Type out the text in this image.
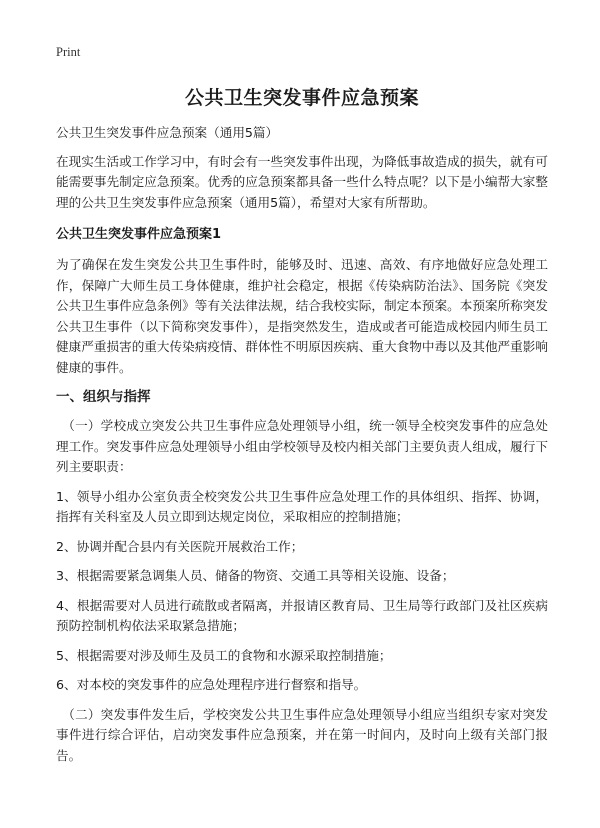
Print
公共卫生突发事件应急预案

公共卫生突发事件应急预案（通用5篇）

在现实生活或工作学习中，有时会有一些突发事件出现，为降低事故造成的损失，就有可能需要事先制定应急预案。优秀的应急预案都具备一些什么特点呢？以下是小编帮大家整理的公共卫生突发事件应急预案（通用5篇），希望对大家有所帮助。

公共卫生突发事件应急预案1

为了确保在发生突发公共卫生事件时，能够及时、迅速、高效、有序地做好应急处理工作，保障广大师生员工身体健康，维护社会稳定，根据《传染病防治法》、国务院《突发公共卫生事件应急条例》等有关法律法规，结合我校实际，制定本预案。本预案所称突发公共卫生事件（以下简称突发事件），是指突然发生，造成或者可能造成校园内师生员工健康严重损害的重大传染病疫情、群体性不明原因疾病、重大食物中毒以及其他严重影响健康的事件。

一、组织与指挥

（一）学校成立突发公共卫生事件应急处理领导小组，统一领导全校突发事件的应急处理工作。突发事件应急处理领导小组由学校领导及校内相关部门主要负责人组成，履行下列主要职责：

1、领导小组办公室负责全校突发公共卫生事件应急处理工作的具体组织、指挥、协调，指挥有关科室及人员立即到达规定岗位，采取相应的控制措施；

2、协调并配合县内有关医院开展救治工作；

3、根据需要紧急调集人员、储备的物资、交通工具等相关设施、设备；

4、根据需要对人员进行疏散或者隔离，并报请区教育局、卫生局等行政部门及社区疾病预防控制机构依法采取紧急措施；

5、根据需要对涉及师生及员工的食物和水源采取控制措施；

6、对本校的突发事件的应急处理程序进行督察和指导。

（二）突发事件发生后，学校突发公共卫生事件应急处理领导小组应当组织专家对突发事件进行综合评估，启动突发事件应急预案，并在第一时间内，及时向上级有关部门报告。
